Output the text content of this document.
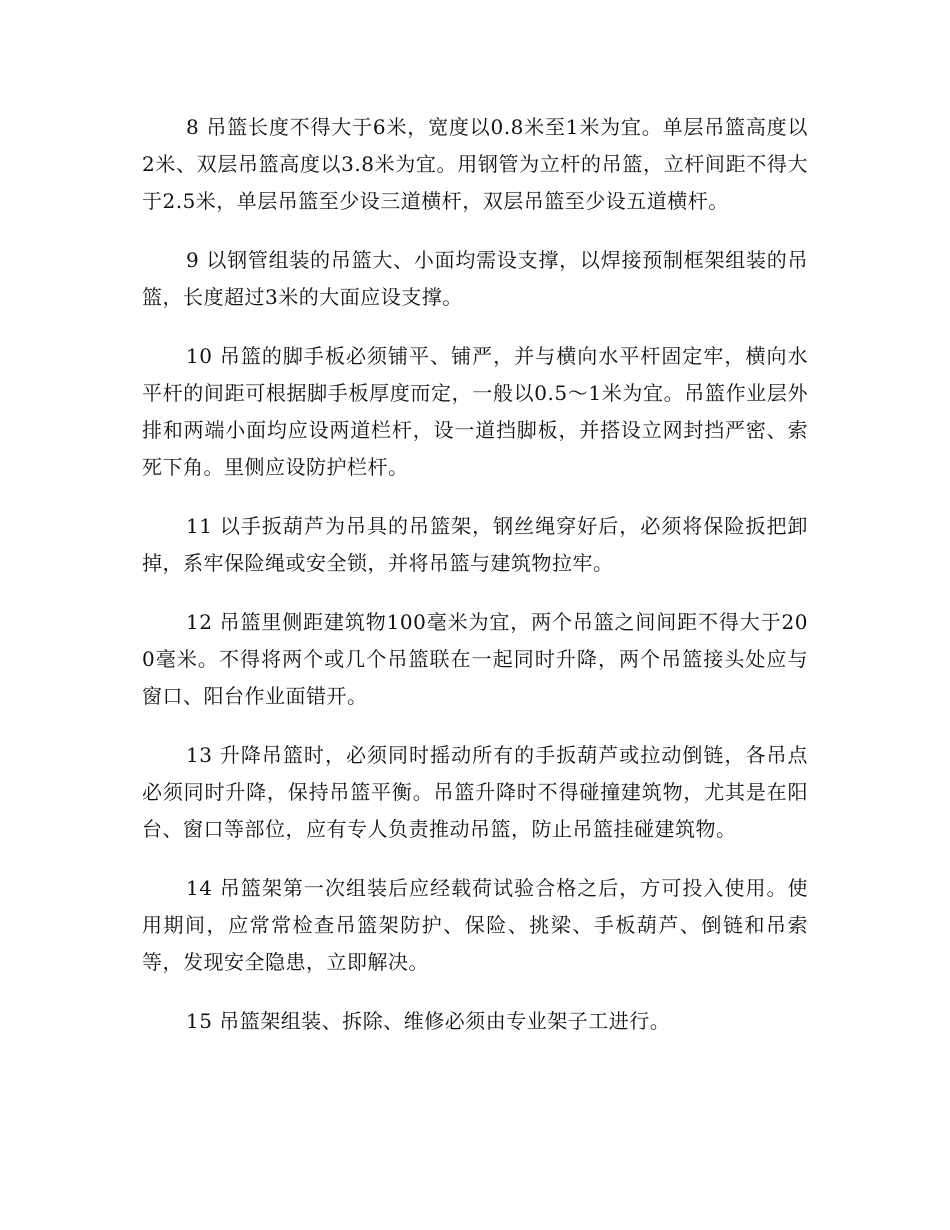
8 吊篮长度不得大于6米，宽度以0.8米至1米为宜。单层吊篮高度以2米、双层吊篮高度以3.8米为宜。用钢管为立杆的吊篮，立杆间距不得大于2.5米，单层吊篮至少设三道横杆，双层吊篮至少设五道横杆。

9 以钢管组装的吊篮大、小面均需设支撑，以焊接预制框架组装的吊篮，长度超过3米的大面应设支撑。

10 吊篮的脚手板必须铺平、铺严，并与横向水平杆固定牢，横向水平杆的间距可根据脚手板厚度而定，一般以0.5～1米为宜。吊篮作业层外排和两端小面均应设两道栏杆，设一道挡脚板，并搭设立网封挡严密、索死下角。里侧应设防护栏杆。

11 以手扳葫芦为吊具的吊篮架，钢丝绳穿好后，必须将保险扳把卸掉，系牢保险绳或安全锁，并将吊篮与建筑物拉牢。

12 吊篮里侧距建筑物100毫米为宜，两个吊篮之间间距不得大于200毫米。不得将两个或几个吊篮联在一起同时升降，两个吊篮接头处应与窗口、阳台作业面错开。

13 升降吊篮时，必须同时摇动所有的手扳葫芦或拉动倒链，各吊点必须同时升降，保持吊篮平衡。吊篮升降时不得碰撞建筑物，尤其是在阳台、窗口等部位，应有专人负责推动吊篮，防止吊篮挂碰建筑物。

14 吊篮架第一次组装后应经载荷试验合格之后，方可投入使用。使用期间，应常常检查吊篮架防护、保险、挑梁、手板葫芦、倒链和吊索等，发现安全隐患，立即解决。

15 吊篮架组装、拆除、维修必须由专业架子工进行。
